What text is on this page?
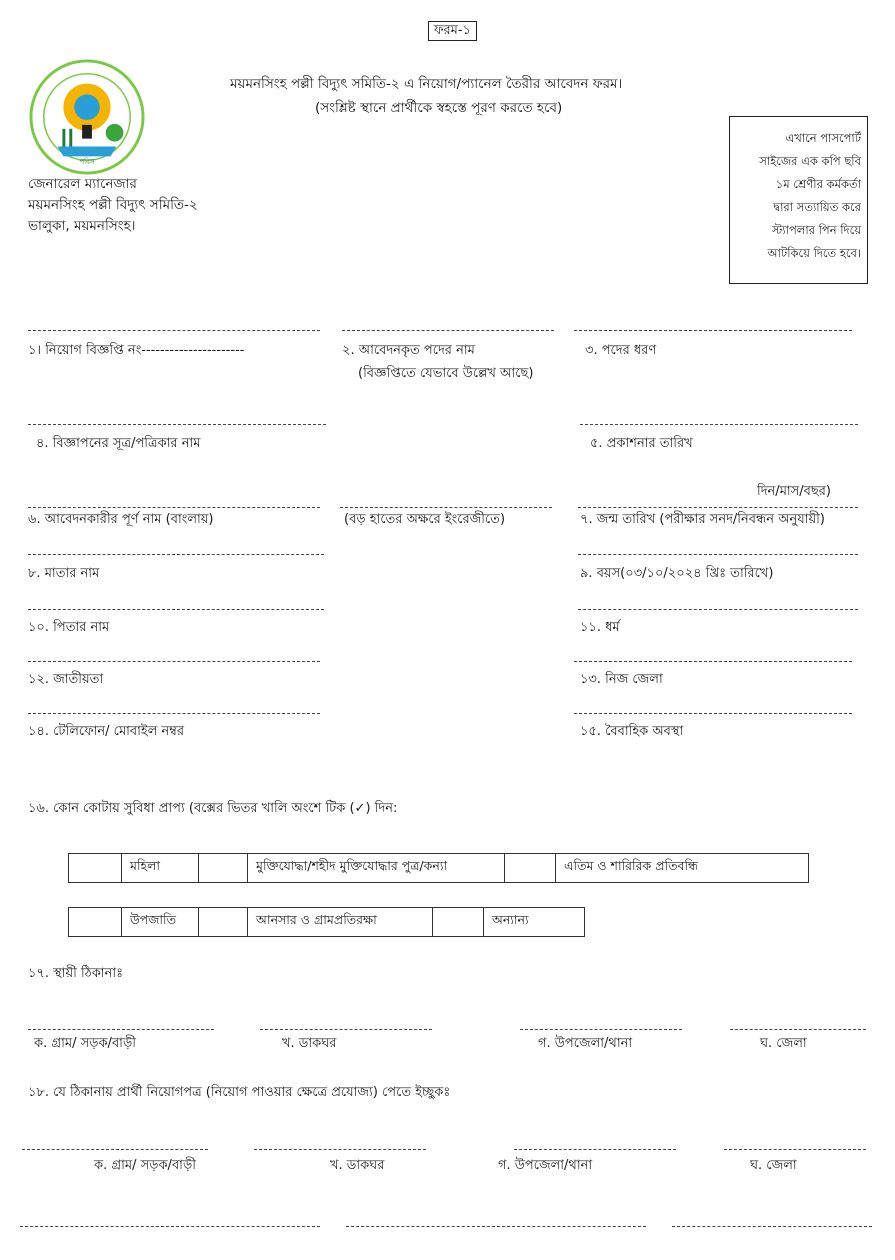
ফরম-১
পবিস
ময়মনসিংহ পল্লী বিদ্যুৎ সমিতি-২ এ নিয়োগ/প্যানেল তৈরীর আবেদন ফরম।
(সংশ্লিষ্ট স্থানে প্রার্থীকে স্বহস্তে পূরণ করতে হবে)
জেনারেল ম্যানেজার
ময়মনসিংহ পল্লী বিদ্যুৎ সমিতি-২
ভালুকা, ময়মনসিংহ।
এখানে পাসপোর্ট
সাইজের এক কপি ছবি
১ম শ্রেণীর কর্মকর্তা
দ্বারা সত্যায়িত করে
স্ট্যাপলার পিন দিয়ে
আটকিয়ে দিতে হবে।
১। নিয়োগ বিজ্ঞপ্তি নং----------------------	২. আবেদনকৃত পদের নাম
(বিজ্ঞপ্তিতে যেভাবে উল্লেখ আছে)
৩. পদের ধরণ
৪. বিজ্ঞাপনের সূত্র/পত্রিকার নাম	৫. প্রকাশনার তারিখ
দিন/মাস/বছর)
৬. আবেদনকারীর পূর্ণ নাম (বাংলায়)	(বড় হাতের অক্ষরে ইংরেজীতে)	৭. জন্ম তারিখ (পরীক্ষার সনদ/নিবন্ধন অনুযায়ী)
৮. মাতার নাম	৯. বয়স(০৩/১০/২০২৪ খ্রিঃ তারিখে)
১০. পিতার নাম	১১. ধর্ম
১২. জাতীয়তা	১৩. নিজ জেলা
১৪. টেলিফোন/ মোবাইল নম্বর	১৫. বৈবাহিক অবস্থা
১৬. কোন কোটায় সুবিধা প্রাপ্য (বক্সের ভিতর খালি অংশে টিক (✓) দিন:
	মহিলা		মুক্তিযোদ্ধা/শহীদ মুক্তিযোদ্ধার পুত্র/কন্যা		এতিম ও শারিরিক প্রতিবন্ধি
	উপজাতি		আনসার ও গ্রামপ্রতিরক্ষা		অন্যান্য
১৭. স্থায়ী ঠিকানাঃ
ক. গ্রাম/ সড়ক/বাড়ী	খ. ডাকঘর	গ. উপজেলা/থানা	ঘ. জেলা
১৮. যে ঠিকানায় প্রার্থী নিয়োগপত্র (নিয়োগ পাওয়ার ক্ষেত্রে প্রযোজ্য) পেতে ইচ্ছুকঃ
ক. গ্রাম/ সড়ক/বাড়ী	খ. ডাকঘর	গ. উপজেলা/থানা	ঘ. জেলা
